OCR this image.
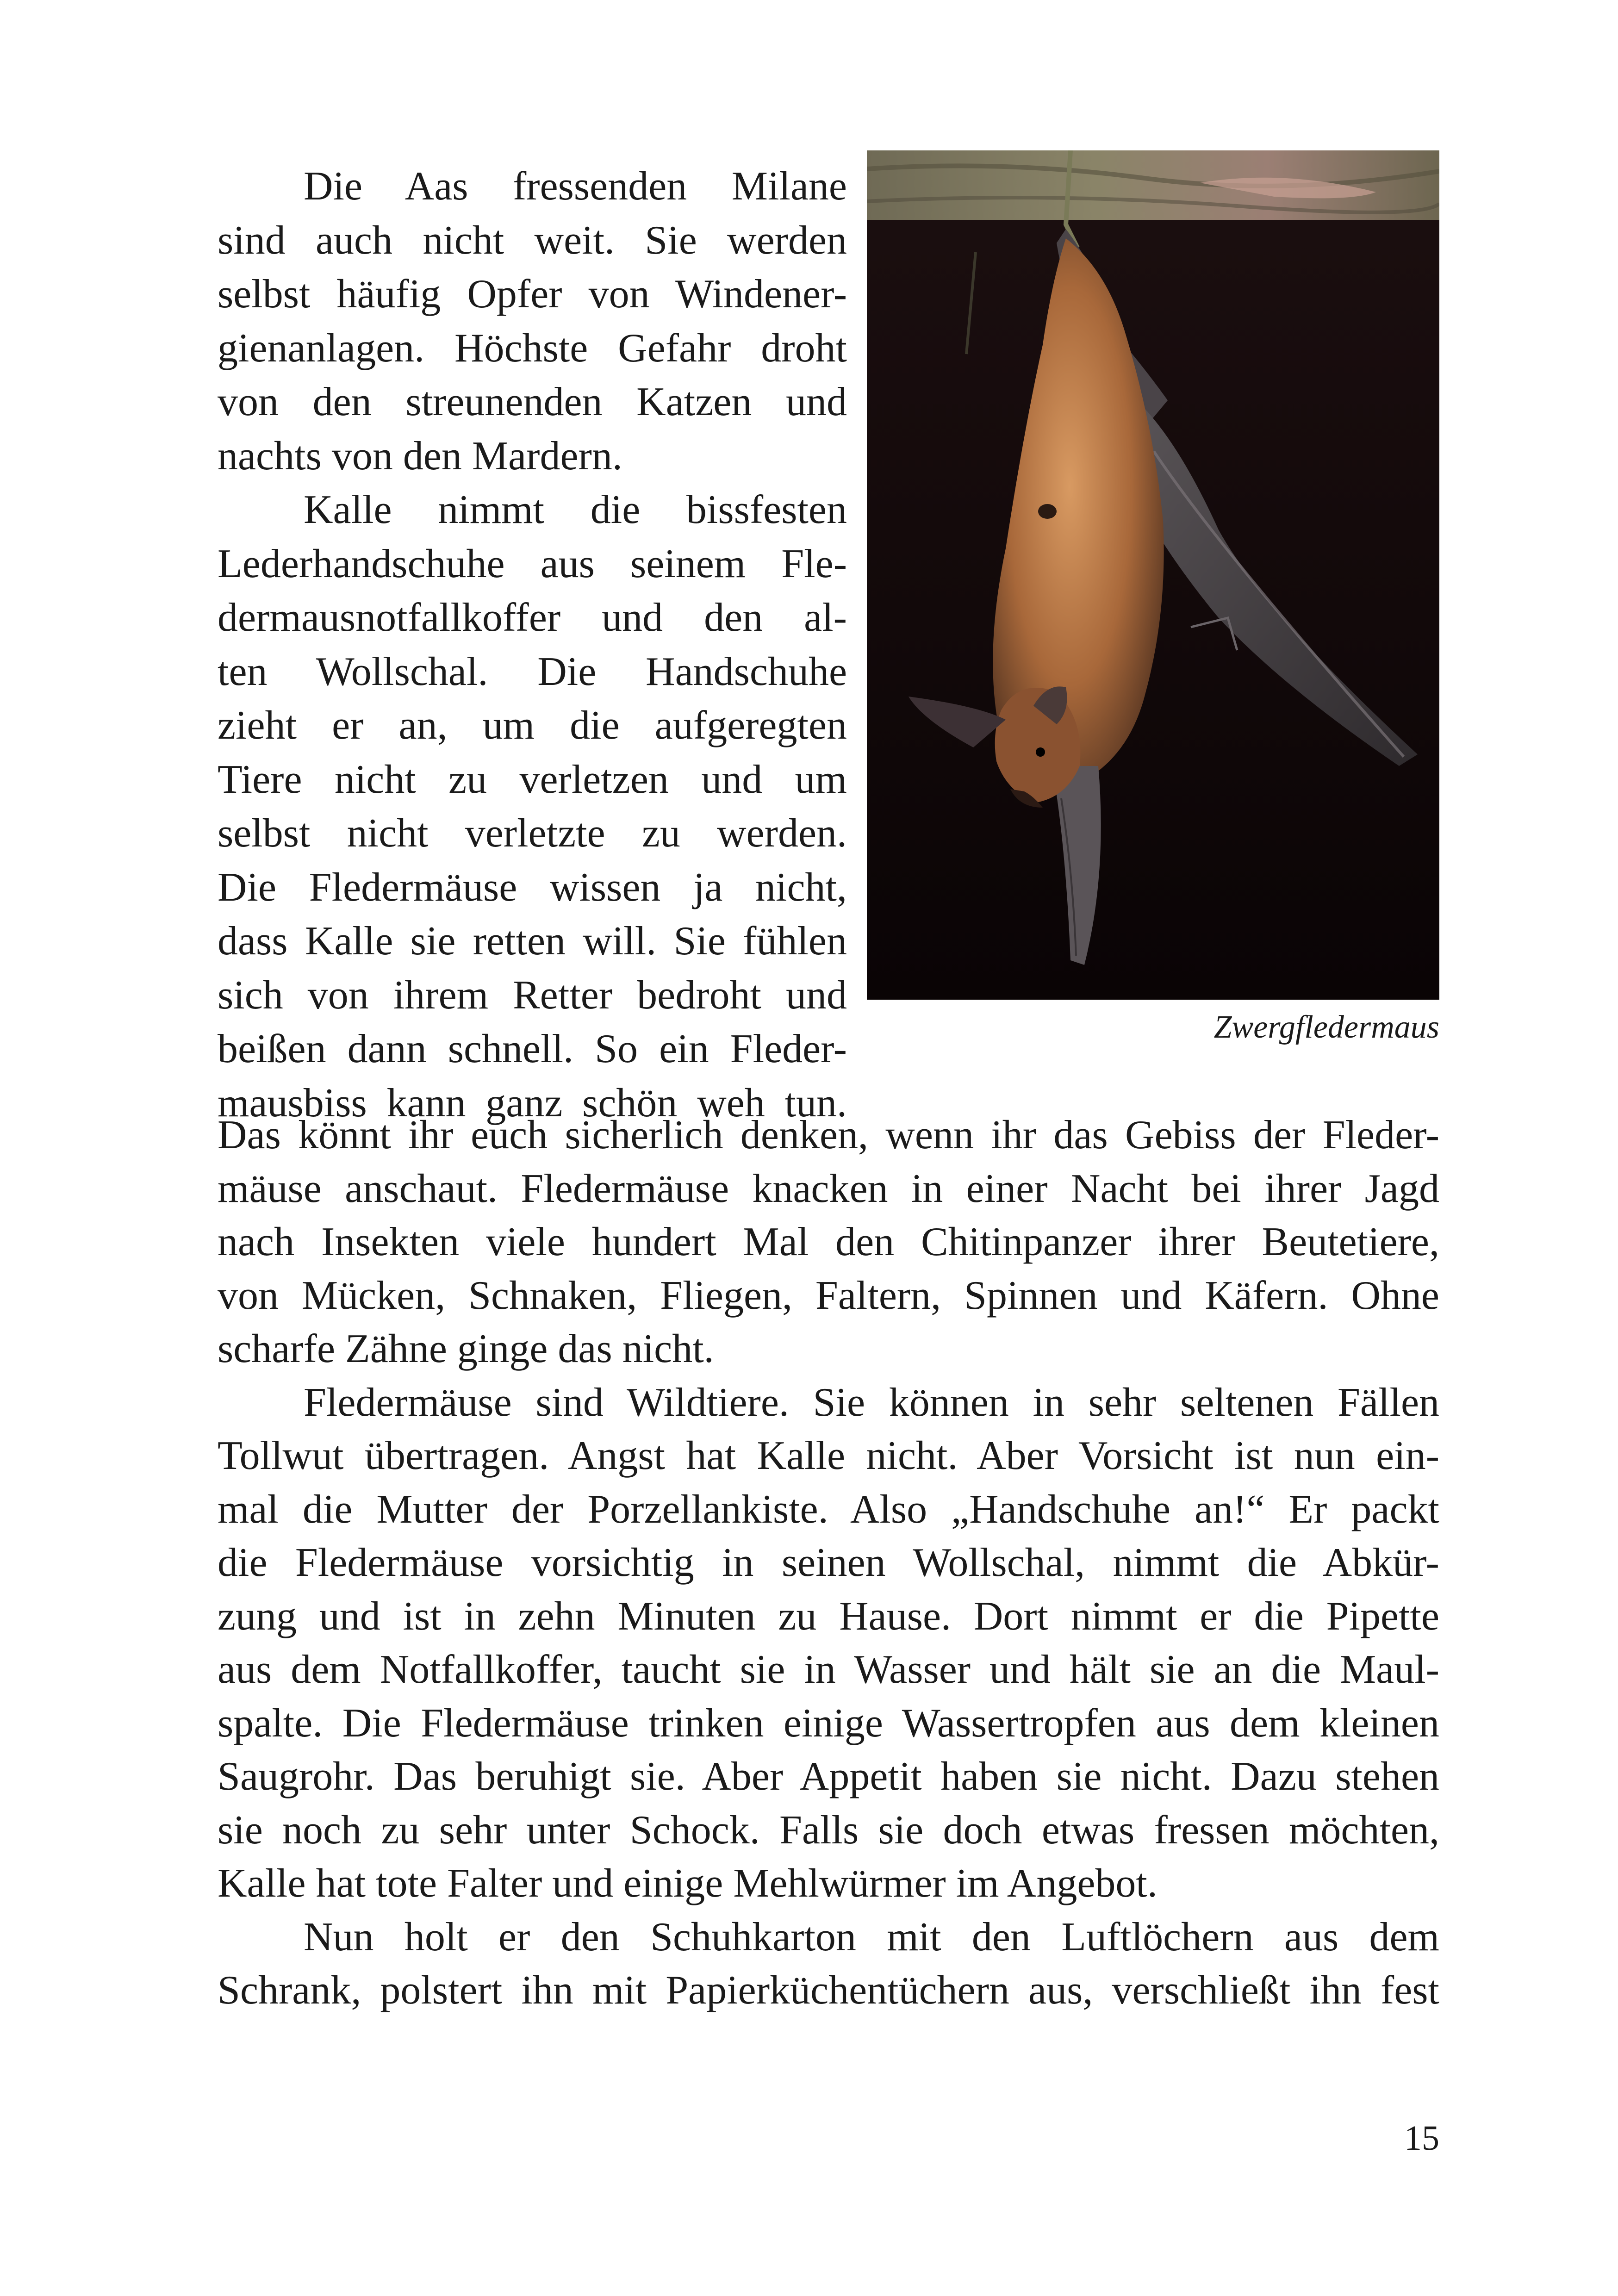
Die Aas fressenden Milane
sind auch nicht weit. Sie werden
selbst häufig Opfer von Windener-
gienanlagen. Höchste Gefahr droht
von den streunenden Katzen und
nachts von den Mardern.
Kalle nimmt die bissfesten
Lederhandschuhe aus seinem Fle-
dermausnotfallkoffer und den al-
ten Wollschal. Die Handschuhe
zieht er an, um die aufgeregten
Tiere nicht zu verletzen und um
selbst nicht verletzte zu werden.
Die Fledermäuse wissen ja nicht,
dass Kalle sie retten will. Sie fühlen
sich von ihrem Retter bedroht und
beißen dann schnell. So ein Fleder-
mausbiss kann ganz schön weh tun.
Das könnt ihr euch sicherlich denken, wenn ihr das Gebiss der Fleder-
mäuse anschaut. Fledermäuse knacken in einer Nacht bei ihrer Jagd
nach Insekten viele hundert Mal den Chitinpanzer ihrer Beutetiere,
von Mücken, Schnaken, Fliegen, Faltern, Spinnen und Käfern. Ohne
scharfe Zähne ginge das nicht.
Fledermäuse sind Wildtiere. Sie können in sehr seltenen Fällen
Tollwut übertragen. Angst hat Kalle nicht. Aber Vorsicht ist nun ein-
mal die Mutter der Porzellankiste. Also „Handschuhe an!“ Er packt
die Fledermäuse vorsichtig in seinen Wollschal, nimmt die Abkür-
zung und ist in zehn Minuten zu Hause. Dort nimmt er die Pipette
aus dem Notfallkoffer, taucht sie in Wasser und hält sie an die Maul-
spalte. Die Fledermäuse trinken einige Wassertropfen aus dem kleinen
Saugrohr. Das beruhigt sie. Aber Appetit haben sie nicht. Dazu stehen
sie noch zu sehr unter Schock. Falls sie doch etwas fressen möchten,
Kalle hat tote Falter und einige Mehlwürmer im Angebot.
Nun holt er den Schuhkarton mit den Luftlöchern aus dem
Schrank, polstert ihn mit Papierküchentüchern aus, verschließt ihn fest
Zwergfledermaus
15
